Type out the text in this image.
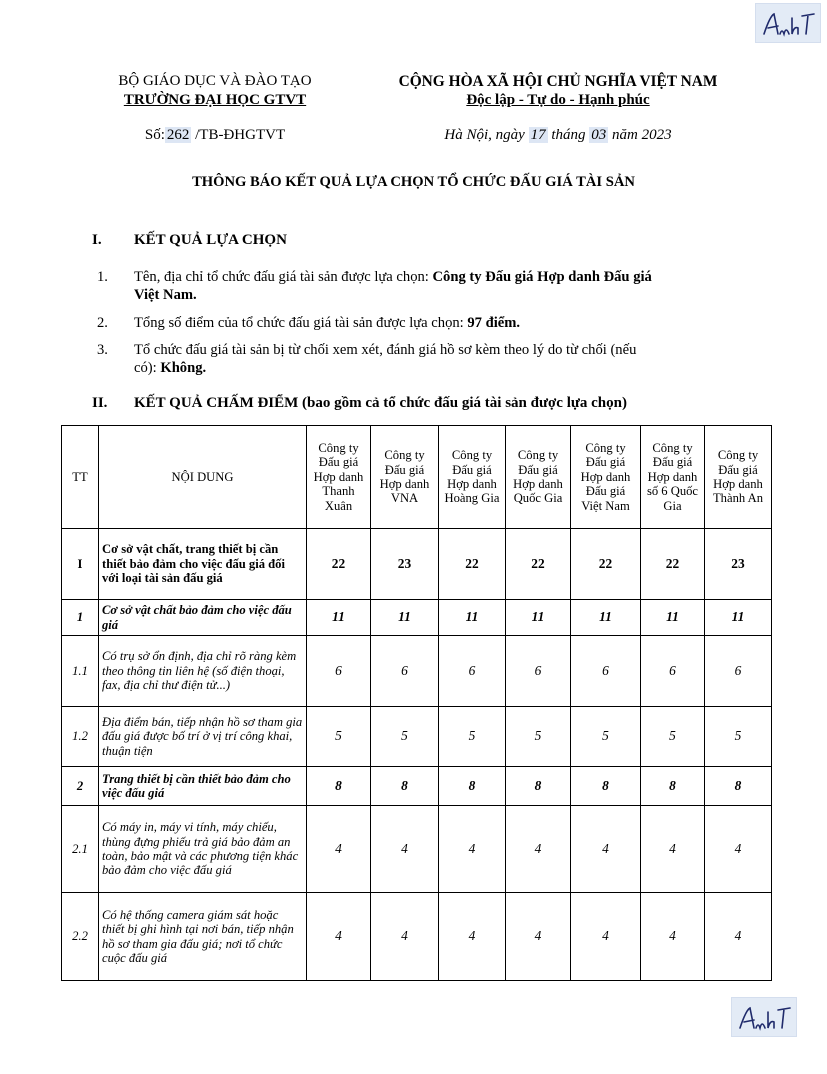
BỘ GIÁO DỤC VÀ ĐÀO TẠO
TRƯỜNG ĐẠI HỌC GTVT
Số: 262 /TB-ĐHGTVT
CỘNG HÒA XÃ HỘI CHỦ NGHĨA VIỆT NAM
Độc lập - Tự do - Hạnh phúc
Hà Nội, ngày 17 tháng 03 năm 2023
THÔNG BÁO KẾT QUẢ LỰA CHỌN TỔ CHỨC ĐẤU GIÁ TÀI SẢN
I. KẾT QUẢ LỰA CHỌN
1. Tên, địa chỉ tổ chức đấu giá tài sản được lựa chọn: Công ty Đấu giá Hợp danh Đấu giá
Việt Nam.
2. Tổng số điểm của tổ chức đấu giá tài sản được lựa chọn: 97 điểm.
3. Tổ chức đấu giá tài sản bị từ chối xem xét, đánh giá hồ sơ kèm theo lý do từ chối (nếu
có): Không.
II. KẾT QUẢ CHẤM ĐIỂM (bao gồm cả tổ chức đấu giá tài sản được lựa chọn)
TT	NỘI DUNG	Công ty Đấu giá Hợp danh Thanh Xuân	Công ty Đấu giá Hợp danh VNA	Công ty Đấu giá Hợp danh Hoàng Gia	Công ty Đấu giá Hợp danh Quốc Gia	Công ty Đấu giá Hợp danh Đấu giá Việt Nam	Công ty Đấu giá Hợp danh số 6 Quốc Gia	Công ty Đấu giá Hợp danh Thành An
I	Cơ sở vật chất, trang thiết bị cần thiết bảo đảm cho việc đấu giá đối với loại tài sản đấu giá	22	23	22	22	22	22	23
1	Cơ sở vật chất bảo đảm cho việc đấu giá	11	11	11	11	11	11	11
1.1	Có trụ sở ổn định, địa chỉ rõ ràng kèm theo thông tin liên hệ (số điện thoại, fax, địa chỉ thư điện tử...)	6	6	6	6	6	6	6
1.2	Địa điểm bán, tiếp nhận hồ sơ tham gia đấu giá được bố trí ở vị trí công khai, thuận tiện	5	5	5	5	5	5	5
2	Trang thiết bị cần thiết bảo đảm cho việc đấu giá	8	8	8	8	8	8	8
2.1	Có máy in, máy vi tính, máy chiếu, thùng đựng phiếu trả giá bảo đảm an toàn, bảo mật và các phương tiện khác bảo đảm cho việc đấu giá	4	4	4	4	4	4	4
2.2	Có hệ thống camera giám sát hoặc thiết bị ghi hình tại nơi bán, tiếp nhận hồ sơ tham gia đấu giá; nơi tổ chức cuộc đấu giá	4	4	4	4	4	4	4
